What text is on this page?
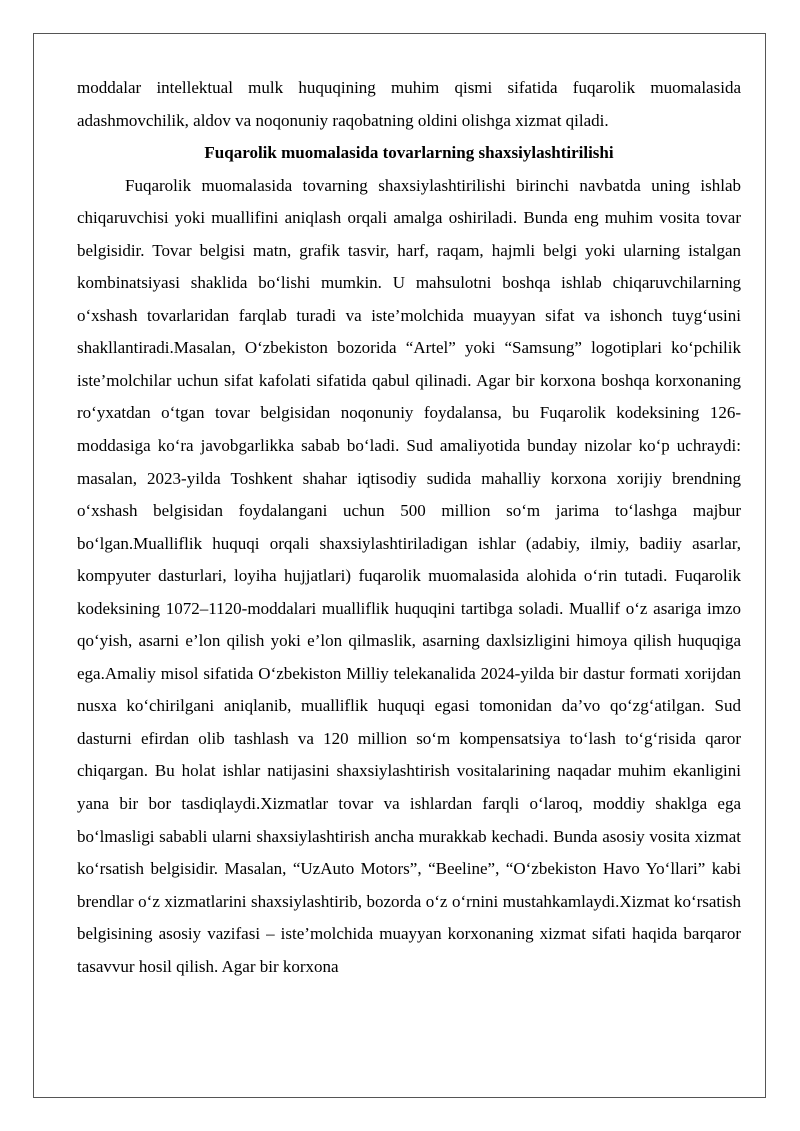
moddalar intellektual mulk huquqining muhim qismi sifatida fuqarolik muomalasida adashmovchilik, aldov va noqonuniy raqobatning oldini olishga xizmat qiladi.

Fuqarolik muomalasida tovarlarning shaxsiylashtirilishi

Fuqarolik muomalasida tovarning shaxsiylashtirilishi birinchi navbatda uning ishlab chiqaruvchisi yoki muallifini aniqlash orqali amalga oshiriladi. Bunda eng muhim vosita tovar belgisidir. Tovar belgisi matn, grafik tasvir, harf, raqam, hajmli belgi yoki ularning istalgan kombinatsiyasi shaklida bo‘lishi mumkin. U mahsulotni boshqa ishlab chiqaruvchilarning o‘xshash tovarlaridan farqlab turadi va iste’molchida muayyan sifat va ishonch tuyg‘usini shakllantiradi.Masalan, O‘zbekiston bozorida “Artel” yoki “Samsung” logotiplari ko‘pchilik iste’molchilar uchun sifat kafolati sifatida qabul qilinadi. Agar bir korxona boshqa korxonaning ro‘yxatdan o‘tgan tovar belgisidan noqonuniy foydalansa, bu Fuqarolik kodeksining 126-moddasiga ko‘ra javobgarlikka sabab bo‘ladi. Sud amaliyotida bunday nizolar ko‘p uchraydi: masalan, 2023-yilda Toshkent shahar iqtisodiy sudida mahalliy korxona xorijiy brendning o‘xshash belgisidan foydalangani uchun 500 million so‘m jarima to‘lashga majbur bo‘lgan.Mualliflik huquqi orqali shaxsiylashtiriladigan ishlar (adabiy, ilmiy, badiiy asarlar, kompyuter dasturlari, loyiha hujjatlari) fuqarolik muomalasida alohida o‘rin tutadi. Fuqarolik kodeksining 1072–1120-moddalari mualliflik huquqini tartibga soladi. Muallif o‘z asariga imzo qo‘yish, asarni e’lon qilish yoki e’lon qilmaslik, asarning daxlsizligini himoya qilish huquqiga ega.Amaliy misol sifatida O‘zbekiston Milliy telekanalida 2024-yilda bir dastur formati xorijdan nusxa ko‘chirilgani aniqlanib, mualliflik huquqi egasi tomonidan da’vo qo‘zg‘atilgan. Sud dasturni efirdan olib tashlash va 120 million so‘m kompensatsiya to‘lash to‘g‘risida qaror chiqargan. Bu holat ishlar natijasini shaxsiylashtirish vositalarining naqadar muhim ekanligini yana bir bor tasdiqlaydi.Xizmatlar tovar va ishlardan farqli o‘laroq, moddiy shaklga ega bo‘lmasligi sababli ularni shaxsiylashtirish ancha murakkab kechadi. Bunda asosiy vosita xizmat ko‘rsatish belgisidir. Masalan, “UzAuto Motors”, “Beeline”, “O‘zbekiston Havo Yo‘llari” kabi brendlar o‘z xizmatlarini shaxsiylashtirib, bozorda o‘z o‘rnini mustahkamlaydi.Xizmat ko‘rsatish belgisining asosiy vazifasi – iste’molchida muayyan korxonaning xizmat sifati haqida barqaror tasavvur hosil qilish. Agar bir korxona
